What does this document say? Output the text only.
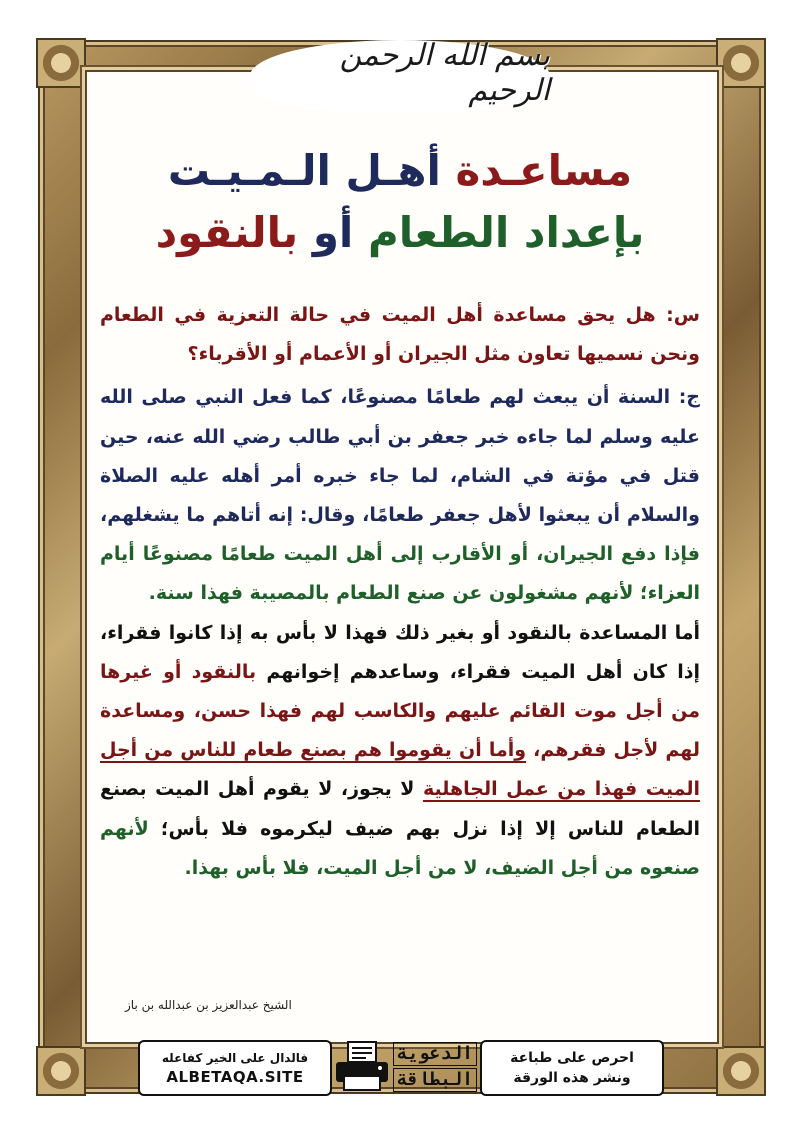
بسم الله الرحمن الرحيم
مساعـدة أهـل الـمـيـت
بإعداد الطعام أو بالنقود

س: هل يحق مساعدة أهل الميت في حالة التعزية في الطعام ونحن نسميها تعاون مثل الجيران أو الأعمام أو الأقرباء؟

ج: السنة أن يبعث لهم طعامًا مصنوعًا، كما فعل النبي صلى الله عليه وسلم لما جاءه خبر جعفر بن أبي طالب رضي الله عنه، حين قتل في مؤتة في الشام، لما جاء خبره أمر أهله عليه الصلاة والسلام أن يبعثوا لأهل جعفر طعامًا، وقال: إنه أتاهم ما يشغلهم، فإذا دفع الجيران، أو الأقارب إلى أهل الميت طعامًا مصنوعًا أيام العزاء؛ لأنهم مشغولون عن صنع الطعام بالمصيبة فهذا سنة.

أما المساعدة بالنقود أو بغير ذلك فهذا لا بأس به إذا كانوا فقراء، إذا كان أهل الميت فقراء، وساعدهم إخوانهم بالنقود أو غيرها من أجل موت القائم عليهم والكاسب لهم فهذا حسن، ومساعدة لهم لأجل فقرهم، وأما أن يقوموا هم بصنع طعام للناس من أجل الميت فهذا من عمل الجاهلية لا يجوز، لا يقوم أهل الميت بصنع الطعام للناس إلا إذا نزل بهم ضيف ليكرموه فلا بأس؛ لأنهم صنعوه من أجل الضيف، لا من أجل الميت، فلا بأس بهذا.

الشيخ عبدالعزيز بن عبدالله بن باز
فالدال على الخير كفاعله
ALBETAQA.SITE
الدعوية
البطاقة
احرص على طباعة
ونشر هذه الورقة
